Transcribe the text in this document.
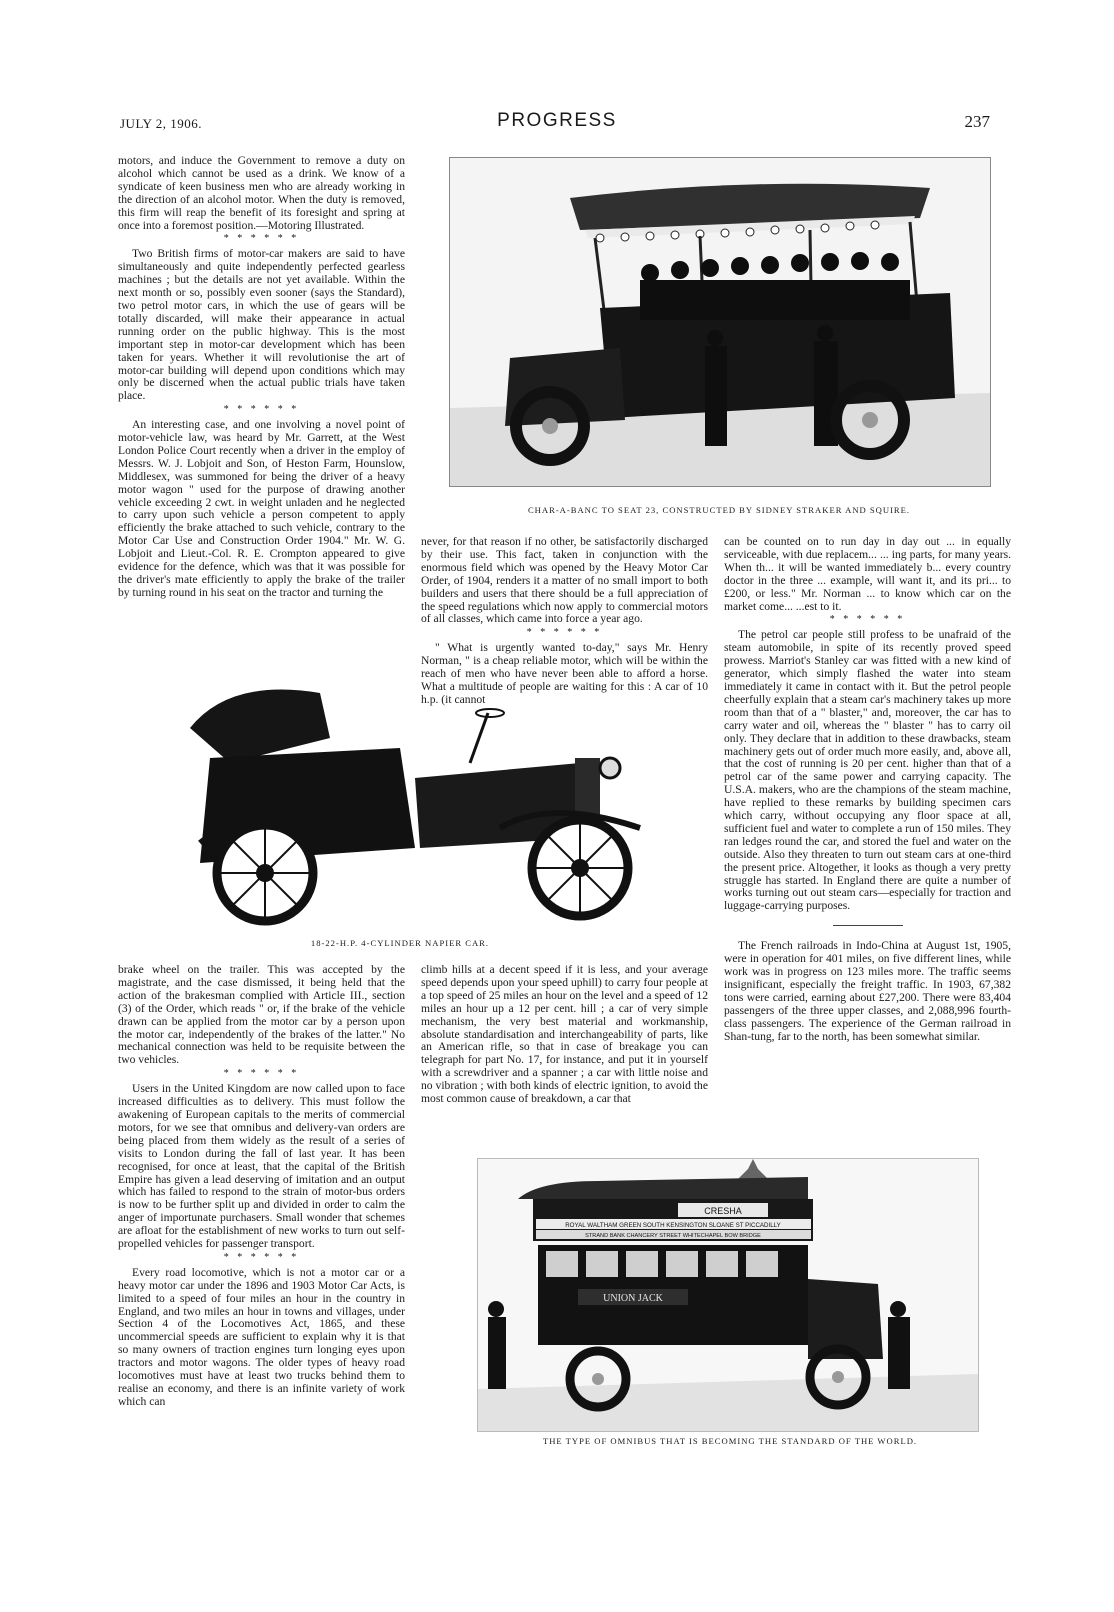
JULY 2, 1906.	PROGRESS	237

motors, and induce the Government to remove a duty on alcohol which cannot be used as a drink. We know of a syndicate of keen business men who are already working in the direction of an alcohol motor. When the duty is removed, this firm will reap the benefit of its foresight and spring at once into a foremost position.—Motoring Illustrated.

* * * * * *

Two British firms of motor-car makers are said to have simultaneously and quite independently perfected gearless machines ; but the details are not yet available. Within the next month or so, possibly even sooner (says the Standard), two petrol motor cars, in which the use of gears will be totally discarded, will make their appearance in actual running order on the public highway. This is the most important step in motor-car development which has been taken for years. Whether it will revolutionise the art of motor-car building will depend upon conditions which may only be discerned when the actual public trials have taken place.

* * * * * *

An interesting case, and one involving a novel point of motor-vehicle law, was heard by Mr. Garrett, at the West London Police Court recently when a driver in the employ of Messrs. W. J. Lobjoit and Son, of Heston Farm, Hounslow, Middlesex, was summoned for being the driver of a heavy motor wagon " used for the purpose of drawing another vehicle exceeding 2 cwt. in weight unladen and he neglected to carry upon such vehicle a person competent to apply efficiently the brake attached to such vehicle, contrary to the Motor Car Use and Construction Order 1904." Mr. W. G. Lobjoit and Lieut.-Col. R. E. Crompton appeared to give evidence for the defence, which was that it was possible for the driver's mate efficiently to apply the brake of the trailer by turning round in his seat on the tractor and turning the

CHAR-A-BANC TO SEAT 23, CONSTRUCTED BY SIDNEY STRAKER AND SQUIRE.
18-22-H.P. 4-CYLINDER NAPIER CAR.

never, for that reason if no other, be satisfactorily discharged by their use. This fact, taken in conjunction with the enormous field which was opened by the Heavy Motor Car Order, of 1904, renders it a matter of no small import to both builders and users that there should be a full appreciation of the speed regulations which now apply to commercial motors of all classes, which came into force a year ago.

* * * * * *

" What is urgently wanted to-day," says Mr. Henry Norman, " is a cheap reliable motor, which will be within the reach of men who have never been able to afford a horse. What a multitude of people are waiting for this : A car of 10 h.p. (it cannot

can be counted on to run day in day out ... in equally serviceable, with due replacem... ... ing parts, for many years. When th... it will be wanted immediately b... every country doctor in the three ... example, will want it, and its pri... to £200, or less." Mr. Norman ... to know which car on the market come... ...est to it.

* * * * * *

The petrol car people still profess to be unafraid of the steam automobile, in spite of its recently proved speed prowess. Marriot's Stanley car was fitted with a new kind of generator, which simply flashed the water into steam immediately it came in contact with it. But the petrol people cheerfully explain that a steam car's machinery takes up more room than that of a " blaster," and, moreover, the car has to carry water and oil, whereas the " blaster " has to carry oil only. They declare that in addition to these drawbacks, steam machinery gets out of order much more easily, and, above all, that the cost of running is 20 per cent. higher than that of a petrol car of the same power and carrying capacity. The U.S.A. makers, who are the champions of the steam machine, have replied to these remarks by building specimen cars which carry, without occupying any floor space at all, sufficient fuel and water to complete a run of 150 miles. They ran ledges round the car, and stored the fuel and water on the outside. Also they threaten to turn out steam cars at one-third the present price. Altogether, it looks as though a very pretty struggle has started. In England there are quite a number of works turning out out steam cars—especially for traction and luggage-carrying purposes.

The French railroads in Indo-China at August 1st, 1905, were in operation for 401 miles, on five different lines, while work was in progress on 123 miles more. The traffic seems insignificant, especially the freight traffic. In 1903, 67,382 tons were carried, earning about £27,200. There were 83,404 passengers of the three upper classes, and 2,088,996 fourth-class passengers. The experience of the German railroad in Shan-tung, far to the north, has been somewhat similar.

brake wheel on the trailer. This was accepted by the magistrate, and the case dismissed, it being held that the action of the brakesman complied with Article III., section (3) of the Order, which reads " or, if the brake of the vehicle drawn can be applied from the motor car by a person upon the motor car, independently of the brakes of the latter." No mechanical connection was held to be requisite between the two vehicles.

* * * * * *

Users in the United Kingdom are now called upon to face increased difficulties as to delivery. This must follow the awakening of European capitals to the merits of commercial motors, for we see that omnibus and delivery-van orders are being placed from them widely as the result of a series of visits to London during the fall of last year. It has been recognised, for once at least, that the capital of the British Empire has given a lead deserving of imitation and an output which has failed to respond to the strain of motor-bus orders is now to be further split up and divided in order to calm the anger of importunate purchasers. Small wonder that schemes are afloat for the establishment of new works to turn out self-propelled vehicles for passenger transport.

* * * * * *

Every road locomotive, which is not a motor car or a heavy motor car under the 1896 and 1903 Motor Car Acts, is limited to a speed of four miles an hour in the country in England, and two miles an hour in towns and villages, under Section 4 of the Locomotives Act, 1865, and these uncommercial speeds are sufficient to explain why it is that so many owners of traction engines turn longing eyes upon tractors and motor wagons. The older types of heavy road locomotives must have at least two trucks behind them to realise an economy, and there is an infinite variety of work which can

climb hills at a decent speed if it is less, and your average speed depends upon your speed uphill) to carry four people at a top speed of 25 miles an hour on the level and a speed of 12 miles an hour up a 12 per cent. hill ; a car of very simple mechanism, the very best material and workmanship, absolute standardisation and interchangeability of parts, like an American rifle, so that in case of breakage you can telegraph for part No. 17, for instance, and put it in yourself with a screwdriver and a spanner ; a car with little noise and no vibration ; with both kinds of electric ignition, to avoid the most common cause of breakdown, a car that

CRESHA
ROYAL WALTHAM GREEN SOUTH KENSINGTON SLOANE ST PICCADILLY
STRAND BANK CHANCERY STREET WHITECHAPEL BOW BRIDGE
UNION JACK
THE TYPE OF OMNIBUS THAT IS BECOMING THE STANDARD OF THE WORLD.
